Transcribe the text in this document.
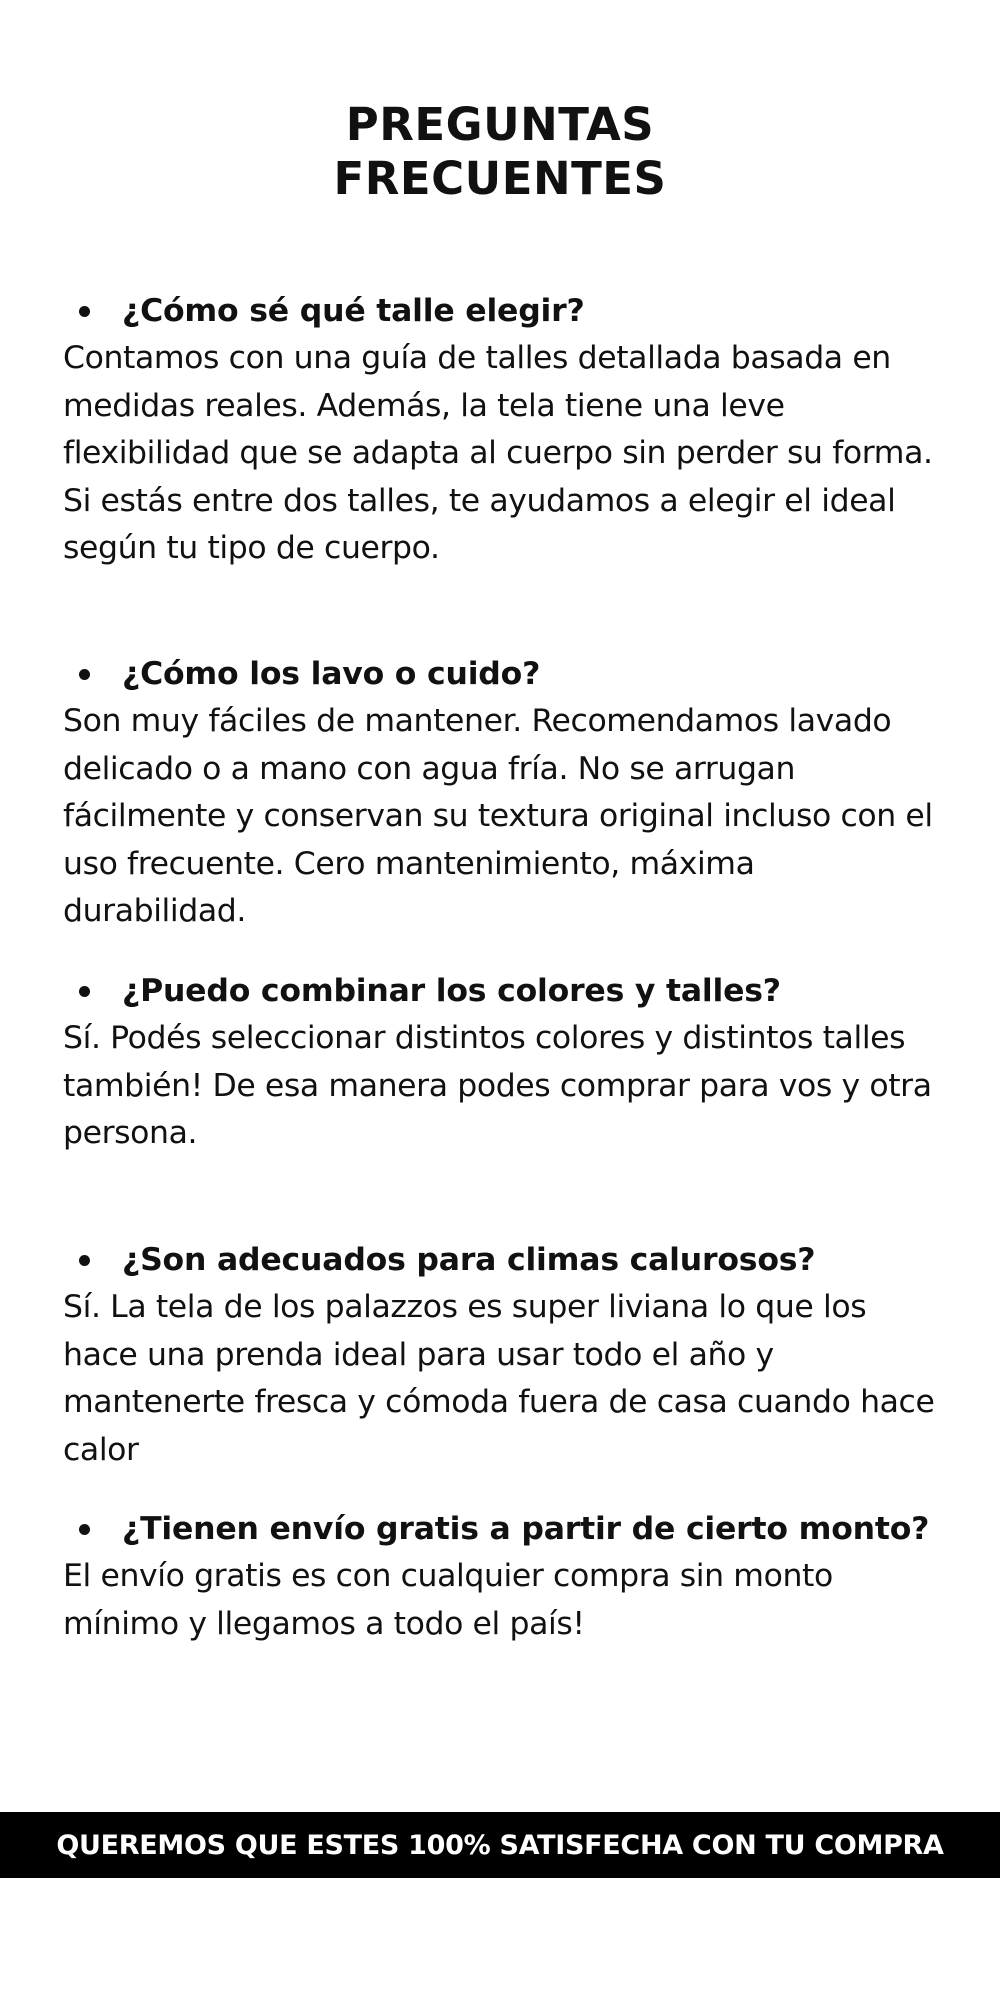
PREGUNTAS
FRECUENTES
¿Cómo sé qué talle elegir?

Contamos con una guía de talles detallada basada en medidas reales. Además, la tela tiene una leve flexibilidad que se adapta al cuerpo sin perder su forma. Si estás entre dos talles, te ayudamos a elegir el ideal según tu tipo de cuerpo.

¿Cómo los lavo o cuido?

Son muy fáciles de mantener. Recomendamos lavado delicado o a mano con agua fría. No se arrugan fácilmente y conservan su textura original incluso con el uso frecuente. Cero mantenimiento, máxima durabilidad.

¿Puedo combinar los colores y talles?

Sí. Podés seleccionar distintos colores y distintos talles también! De esa manera podes comprar para vos y otra persona.

¿Son adecuados para climas calurosos?

Sí. La tela de los palazzos es super liviana lo que los hace una prenda ideal para usar todo el año y mantenerte fresca y cómoda fuera de casa cuando hace calor

¿Tienen envío gratis a partir de cierto monto?

El envío gratis es con cualquier compra sin monto mínimo y llegamos a todo el país!

QUEREMOS QUE ESTES 100% SATISFECHA CON TU COMPRA
